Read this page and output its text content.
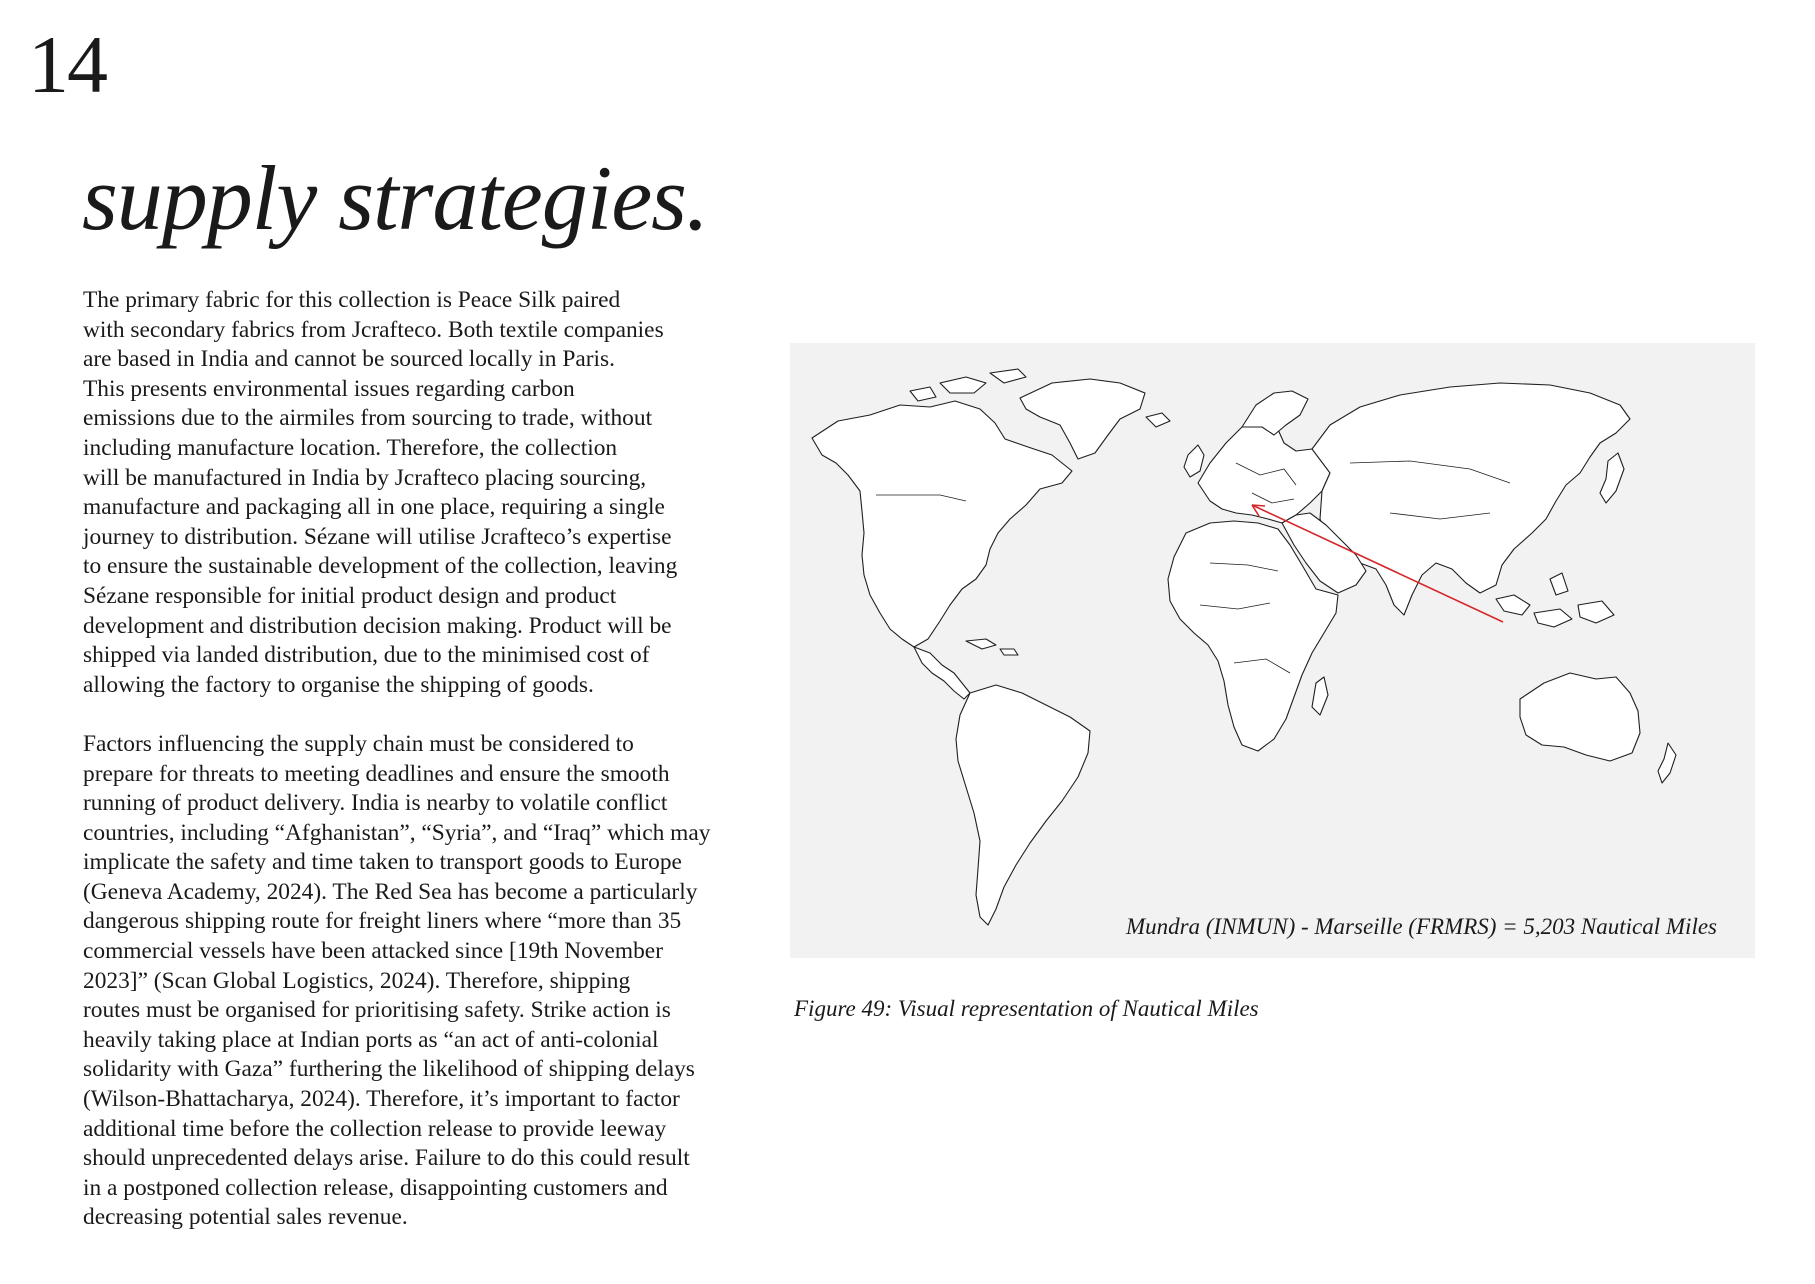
14
supply strategies.

The primary fabric for this collection is Peace Silk paired
with secondary fabrics from Jcrafteco. Both textile companies
are based in India and cannot be sourced locally in Paris.
This presents environmental issues regarding carbon
emissions due to the airmiles from sourcing to trade, without
including manufacture location. Therefore, the collection
will be manufactured in India by Jcrafteco placing sourcing,
manufacture and packaging all in one place, requiring a single
journey to distribution. Sézane will utilise Jcrafteco’s expertise
to ensure the sustainable development of the collection, leaving
Sézane responsible for initial product design and product
development and distribution decision making. Product will be
shipped via landed distribution, due to the minimised cost of
allowing the factory to organise the shipping of goods.

Factors influencing the supply chain must be considered to
prepare for threats to meeting deadlines and ensure the smooth
running of product delivery. India is nearby to volatile conflict
countries, including “Afghanistan”, “Syria”, and “Iraq” which may
implicate the safety and time taken to transport goods to Europe
(Geneva Academy, 2024). The Red Sea has become a particularly
dangerous shipping route for freight liners where “more than 35
commercial vessels have been attacked since [19th November
2023]” (Scan Global Logistics, 2024). Therefore, shipping
routes must be organised for prioritising safety. Strike action is
heavily taking place at Indian ports as “an act of anti-colonial
solidarity with Gaza” furthering the likelihood of shipping delays
(Wilson-Bhattacharya, 2024). Therefore, it’s important to factor
additional time before the collection release to provide leeway
should unprecedented delays arise. Failure to do this could result
in a postponed collection release, disappointing customers and
decreasing potential sales revenue.

Mundra (INMUN) - Marseille (FRMRS) = 5,203 Nautical Miles
Figure 49: Visual representation of Nautical Miles
